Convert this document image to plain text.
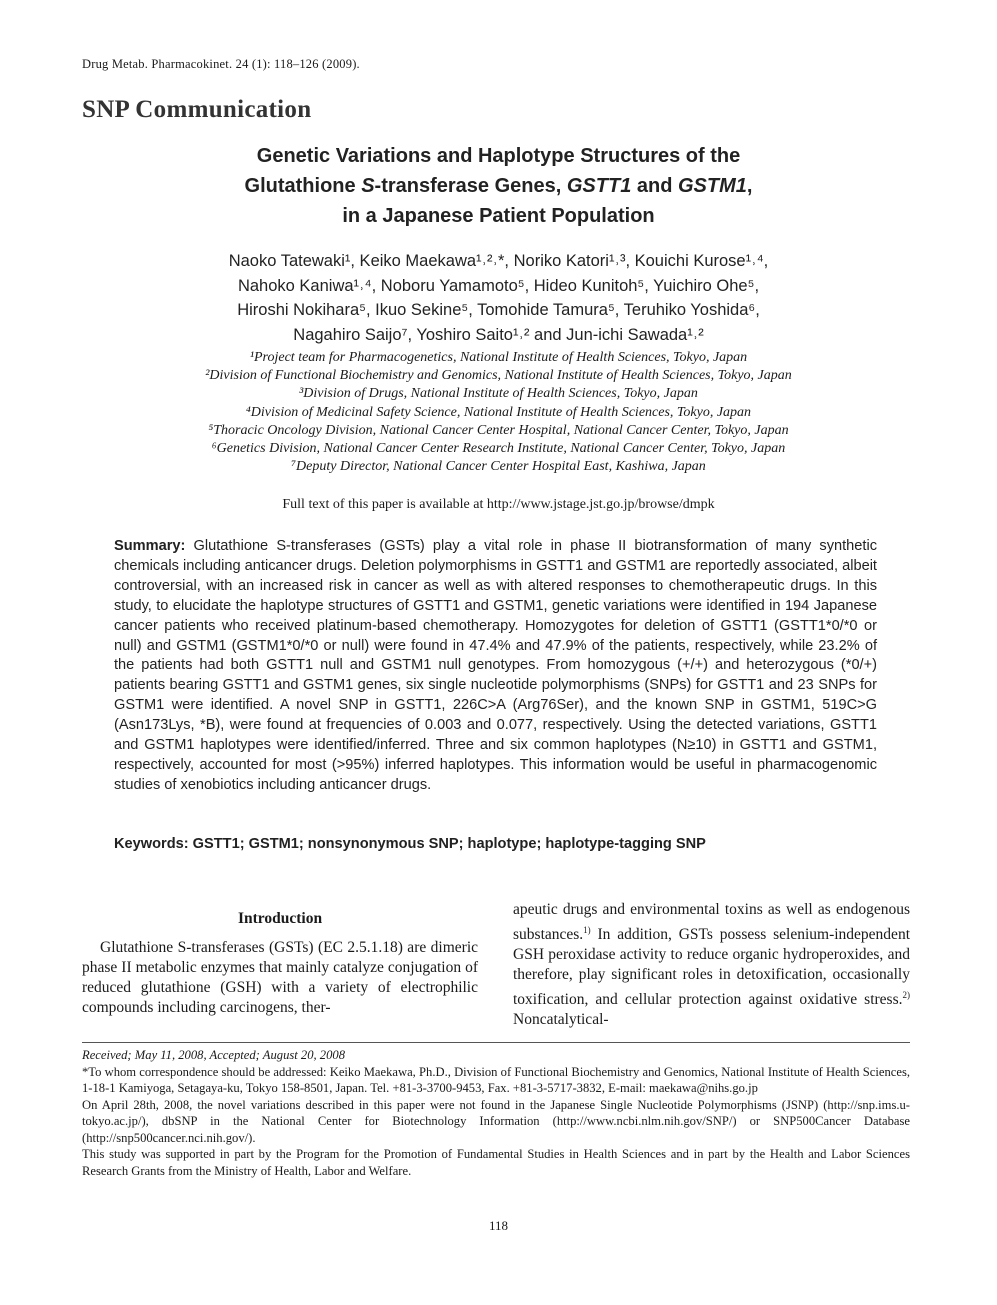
Drug Metab. Pharmacokinet. 24 (1): 118–126 (2009).
SNP Communication
Genetic Variations and Haplotype Structures of the
Glutathione S-transferase Genes, GSTT1 and GSTM1,
in a Japanese Patient Population
Naoko Tatewaki¹, Keiko Maekawa¹˒²˒*, Noriko Katori¹˒³, Kouichi Kurose¹˒⁴,
Nahoko Kaniwa¹˒⁴, Noboru Yamamoto⁵, Hideo Kunitoh⁵, Yuichiro Ohe⁵,
Hiroshi Nokihara⁵, Ikuo Sekine⁵, Tomohide Tamura⁵, Teruhiko Yoshida⁶,
Nagahiro Saijo⁷, Yoshiro Saito¹˒² and Jun-ichi Sawada¹˒²
¹Project team for Pharmacogenetics, National Institute of Health Sciences, Tokyo, Japan
²Division of Functional Biochemistry and Genomics, National Institute of Health Sciences, Tokyo, Japan
³Division of Drugs, National Institute of Health Sciences, Tokyo, Japan
⁴Division of Medicinal Safety Science, National Institute of Health Sciences, Tokyo, Japan
⁵Thoracic Oncology Division, National Cancer Center Hospital, National Cancer Center, Tokyo, Japan
⁶Genetics Division, National Cancer Center Research Institute, National Cancer Center, Tokyo, Japan
⁷Deputy Director, National Cancer Center Hospital East, Kashiwa, Japan
Full text of this paper is available at http://www.jstage.jst.go.jp/browse/dmpk
Summary: Glutathione S-transferases (GSTs) play a vital role in phase II biotransformation of many synthetic chemicals including anticancer drugs. Deletion polymorphisms in GSTT1 and GSTM1 are reportedly associated, albeit controversial, with an increased risk in cancer as well as with altered responses to chemotherapeutic drugs. In this study, to elucidate the haplotype structures of GSTT1 and GSTM1, genetic variations were identified in 194 Japanese cancer patients who received platinum-based chemotherapy. Homozygotes for deletion of GSTT1 (GSTT1*0/*0 or null) and GSTM1 (GSTM1*0/*0 or null) were found in 47.4% and 47.9% of the patients, respectively, while 23.2% of the patients had both GSTT1 null and GSTM1 null genotypes. From homozygous (+/+) and heterozygous (*0/+) patients bearing GSTT1 and GSTM1 genes, six single nucleotide polymorphisms (SNPs) for GSTT1 and 23 SNPs for GSTM1 were identified. A novel SNP in GSTT1, 226C>A (Arg76Ser), and the known SNP in GSTM1, 519C>G (Asn173Lys, *B), were found at frequencies of 0.003 and 0.077, respectively. Using the detected variations, GSTT1 and GSTM1 haplotypes were identified/inferred. Three and six common haplotypes (N≥10) in GSTT1 and GSTM1, respectively, accounted for most (>95%) inferred haplotypes. This information would be useful in pharmacogenomic studies of xenobiotics including anticancer drugs.
Keywords: GSTT1; GSTM1; nonsynonymous SNP; haplotype; haplotype-tagging SNP
Introduction
Glutathione S-transferases (GSTs) (EC 2.5.1.18) are dimeric phase II metabolic enzymes that mainly catalyze conjugation of reduced glutathione (GSH) with a variety of electrophilic compounds including carcinogens, ther-
apeutic drugs and environmental toxins as well as endogenous substances.$^{1)}$ In addition, GSTs possess selenium-independent GSH peroxidase activity to reduce organic hydroperoxides, and therefore, play significant roles in detoxification, occasionally toxification, and cellular protection against oxidative stress.$^{2)}$ Noncatalytical-

Received; May 11, 2008, Accepted; August 20, 2008

*To whom correspondence should be addressed: Keiko Maekawa, Ph.D., Division of Functional Biochemistry and Genomics, National Institute of Health Sciences, 1-18-1 Kamiyoga, Setagaya-ku, Tokyo 158-8501, Japan. Tel. +81-3-3700-9453, Fax. +81-3-5717-3832, E-mail: maekawa@nihs.go.jp

On April 28th, 2008, the novel variations described in this paper were not found in the Japanese Single Nucleotide Polymorphisms (JSNP) (http://snp.ims.u-tokyo.ac.jp/), dbSNP in the National Center for Biotechnology Information (http://www.ncbi.nlm.nih.gov/SNP/) or SNP500Cancer Database (http://snp500cancer.nci.nih.gov/).

This study was supported in part by the Program for the Promotion of Fundamental Studies in Health Sciences and in part by the Health and Labor Sciences Research Grants from the Ministry of Health, Labor and Welfare.

118
